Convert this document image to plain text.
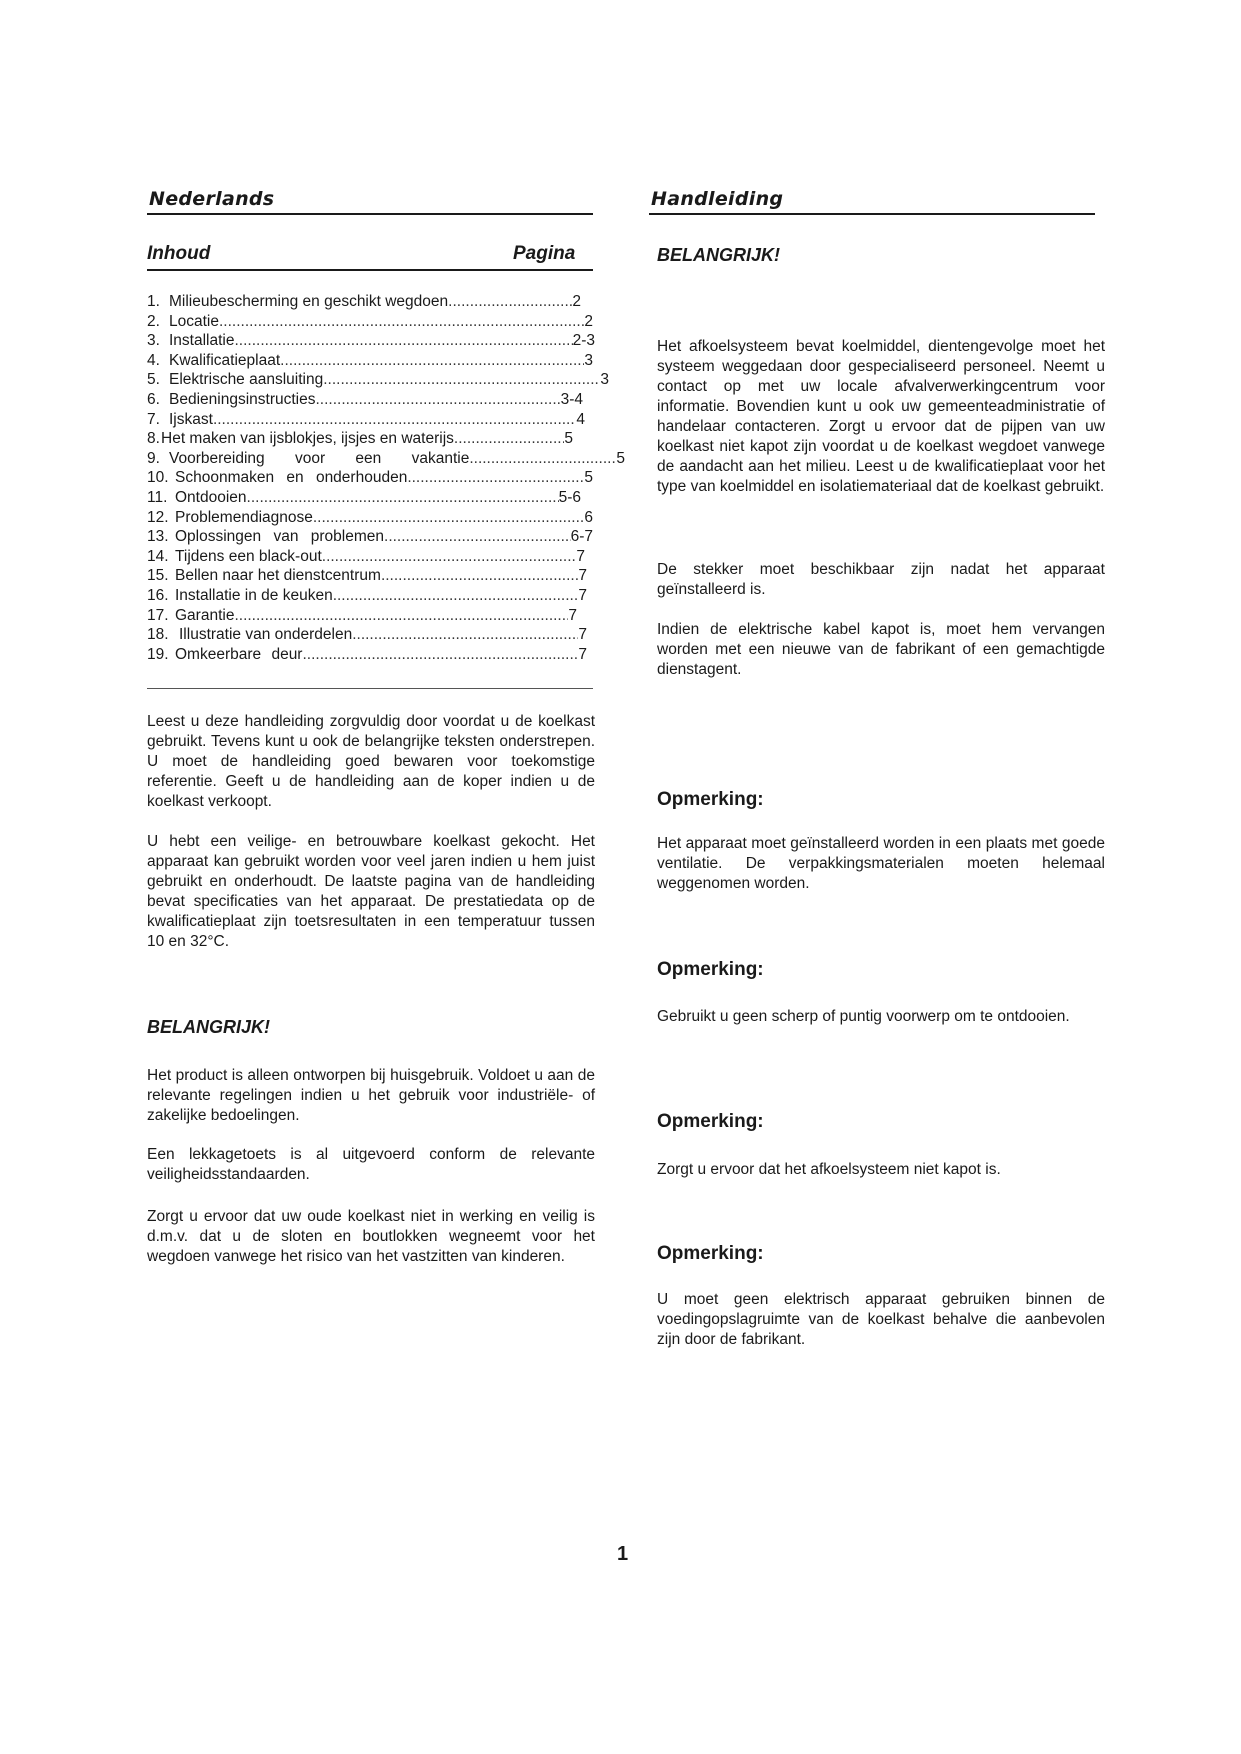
Nederlands	Handleiding
Inhoud	Pagina
1. Milieubescherming en geschikt wegdoen .....	2
2. Locatie .....	2
3. Installatie .....	2-3
4. Kwalificatieplaat .....	3
5. Elektrische aansluiting .....	3
6. Bedieningsinstructies .....	3-4
7. Ijskast .....	4
8. Het maken van ijsblokjes, ijsjes en waterijs .....	5
9. Voorbereiding voor een vakantie .....	5
10. Schoonmaken en onderhouden .....	5
11. Ontdooien .....	5-6
12. Problemendiagnose .....	6
13. Oplossingen van problemen .....	6-7
14. Tijdens een black-out .....	7
15. Bellen naar het dienstcentrum .....	7
16. Installatie in de keuken .....	7
17. Garantie .....	7
18. Illustratie van onderdelen .....	7
19. Omkeerbare deur .....	7

Leest u deze handleiding zorgvuldig door voordat u de koelkast gebruikt. Tevens kunt u ook de belangrijke teksten onderstrepen. U moet de handleiding goed bewaren voor toekomstige referentie. Geeft u de handleiding aan de koper indien u de koelkast verkoopt.

U hebt een veilige- en betrouwbare koelkast gekocht. Het apparaat kan gebruikt worden voor veel jaren indien u hem juist gebruikt en onderhoudt. De laatste pagina van de handleiding bevat specificaties van het apparaat. De prestatiedata op de kwalificatieplaat zijn toetsresultaten in een temperatuur tussen 10 en 32°C.

BELANGRIJK!

Het product is alleen ontworpen bij huisgebruik. Voldoet u aan de relevante regelingen indien u het gebruik voor industriële- of zakelijke bedoelingen.

Een lekkagetoets is al uitgevoerd conform de relevante veiligheidsstandaarden.

Zorgt u ervoor dat uw oude koelkast niet in werking en veilig is d.m.v. dat u de sloten en boutlokken wegneemt voor het wegdoen vanwege het risico van het vastzitten van kinderen.

BELANGRIJK!

Het afkoelsysteem bevat koelmiddel, dientengevolge moet het systeem weggedaan door gespecialiseerd personeel. Neemt u contact op met uw locale afvalverwerkingcentrum voor informatie. Bovendien kunt u ook uw gemeenteadministratie of handelaar contacteren. Zorgt u ervoor dat de pijpen van uw koelkast niet kapot zijn voordat u de koelkast wegdoet vanwege de aandacht aan het milieu. Leest u de kwalificatieplaat voor het type van koelmiddel en isolatiemateriaal dat de koelkast gebruikt.

De stekker moet beschikbaar zijn nadat het apparaat geïnstalleerd is.

Indien de elektrische kabel kapot is, moet hem vervangen worden met een nieuwe van de fabrikant of een gemachtigde dienstagent.

Opmerking:

Het apparaat moet geïnstalleerd worden in een plaats met goede ventilatie. De verpakkingsmaterialen moeten helemaal weggenomen worden.

Opmerking:

Gebruikt u geen scherp of puntig voorwerp om te ontdooien.

Opmerking:

Zorgt u ervoor dat het afkoelsysteem niet kapot is.

Opmerking:

U moet geen elektrisch apparaat gebruiken binnen de voedingopslagruimte van de koelkast behalve die aanbevolen zijn door de fabrikant.

1
